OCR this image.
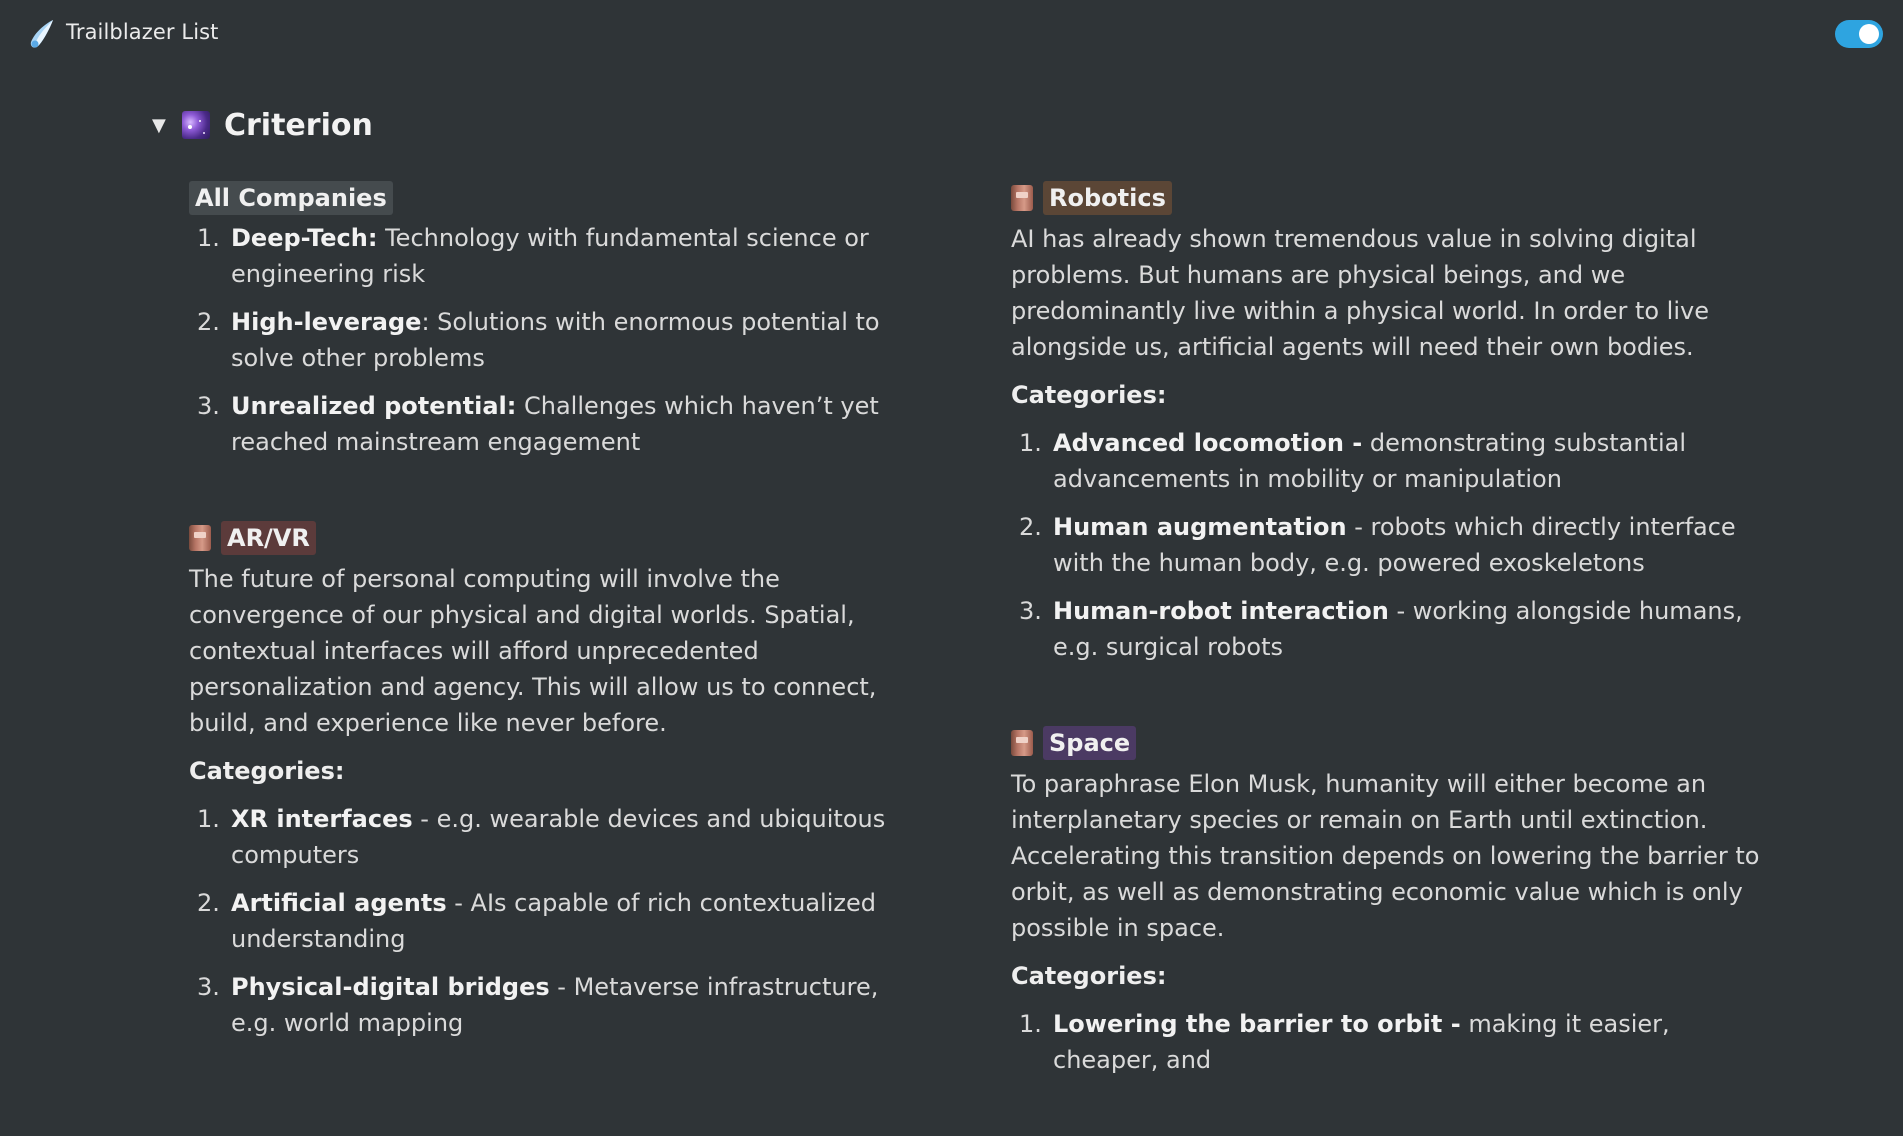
Trailblazer List
▼	Criterion
All Companies
1. Deep-Tech: Technology with fundamental science or engineering risk
2. High-leverage: Solutions with enormous potential to solve other problems
3. Unrealized potential: Challenges which haven’t yet reached mainstream engagement
AR/VR

The future of personal computing will involve the convergence of our physical and digital worlds. Spatial, contextual interfaces will afford unprecedented personalization and agency. This will allow us to connect, build, and experience like never before.

Categories:
1. XR interfaces - e.g. wearable devices and ubiquitous computers
2. Artificial agents - AIs capable of rich contextualized understanding
3. Physical-digital bridges - Metaverse infrastructure, e.g. world mapping
Robotics

AI has already shown tremendous value in solving digital problems. But humans are physical beings, and we predominantly live within a physical world. In order to live alongside us, artificial agents will need their own bodies.

Categories:
1. Advanced locomotion - demonstrating substantial advancements in mobility or manipulation
2. Human augmentation - robots which directly interface with the human body, e.g. powered exoskeletons
3. Human-robot interaction - working alongside humans, e.g. surgical robots
Space

To paraphrase Elon Musk, humanity will either become an interplanetary species or remain on Earth until extinction. Accelerating this transition depends on lowering the barrier to orbit, as well as demonstrating economic value which is only possible in space.

Categories:
1. Lowering the barrier to orbit - making it easier, cheaper, and
